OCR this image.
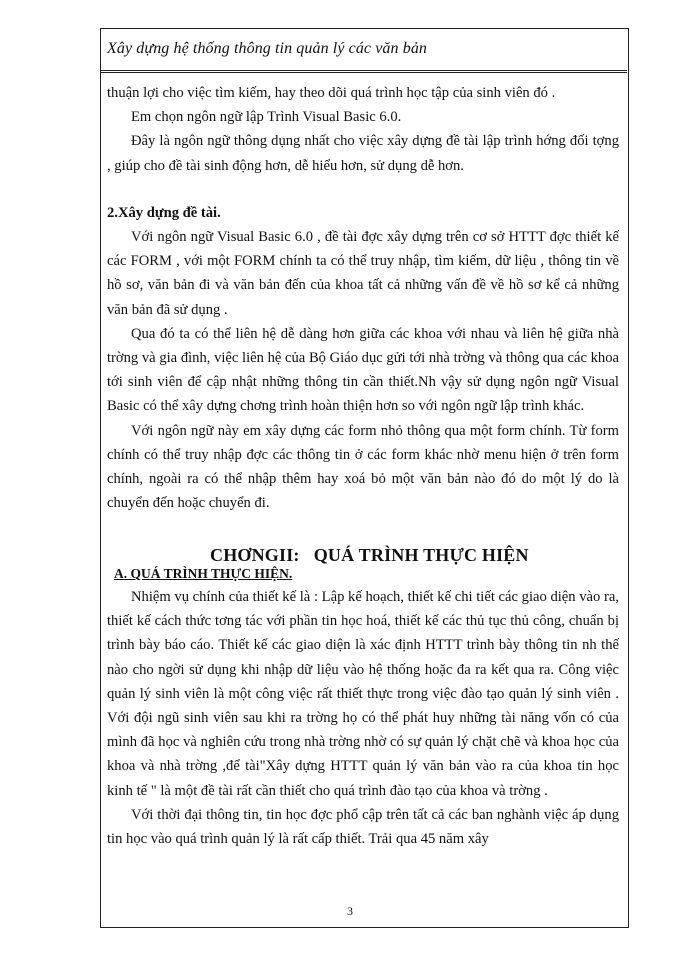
Xây dựng hệ thống thông tin quản lý các văn bản

thuận lợi cho việc tìm kiếm, hay theo dõi quá trình học tập của sinh viên đó .

Em chọn ngôn ngữ lập Trình Visual Basic 6.0.

Đây là ngôn ngữ thông dụng nhất cho việc xây dựng đề tài lập trình hớng đối tợng , giúp cho đề tài sinh động hơn, dễ hiểu hơn, sử dụng dễ hơn.

2.Xây dựng đề tài.

Với ngôn ngữ Visual Basic 6.0 , đề tài đợc xây dựng trên cơ sở HTTT đợc thiết kế các FORM , với một FORM chính ta có thể truy nhập, tìm kiếm, dữ liệu , thông tin về hồ sơ, văn bản đi và văn bản đến của khoa tất cả những vấn đề về hồ sơ kể cả những văn bản đã sử dụng .

Qua đó ta có thể liên hệ dễ dàng hơn giữa các khoa với nhau và liên hệ giữa nhà trờng và gia đình, việc liên hệ của Bộ Giáo dục gửi tới nhà trờng và thông qua các khoa tới sinh viên để cập nhật những thông tin cần thiết.Nh vậy sử dụng ngôn ngữ Visual Basic có thể xây dựng chơng trình hoàn thiện hơn so với ngôn ngữ lập trình khác.

Với ngôn ngữ này em xây dựng các form nhỏ thông qua một form chính. Từ form chính có thể truy nhập đợc các thông tin ở các form khác nhờ menu hiện ở trên form chính, ngoài ra có thể nhập thêm hay xoá bỏ một văn bản nào đó do một lý do là chuyển đến hoặc chuyển đi.

CHƠNGII:   QUÁ TRÌNH THỰC HIỆN
A. QUÁ TRÌNH THỰC HIỆN.

Nhiệm vụ chính của thiết kế là : Lập kế hoạch, thiết kế chi tiết các giao diện vào ra, thiết kế cách thức tơng tác với phần tin học hoá, thiết kế các thủ tục thủ công, chuẩn bị trình bày báo cáo. Thiết kế các giao diện là xác định HTTT trình bày thông tin nh thế nào cho ngời sử dụng khi nhập dữ liệu vào hệ thống hoặc đa ra kết qua ra. Công việc quản lý sinh viên là một công việc rất thiết thực trong việc đào tạo quản lý sinh viên . Với đội ngũ sinh viên sau khi ra trờng họ có thể phát huy những tài năng vốn có của mình đã học và nghiên cứu trong nhà trờng nhờ có sự quản lý chặt chẽ và khoa học của khoa và nhà trờng ,để tài"Xây dựng HTTT quản lý văn bản vào ra của khoa tin học kinh tế " là một đề tài rất cần thiết cho quá trình đào tạo của khoa và trờng .

Với thời đại thông tin, tin học đợc phổ cập trên tất cả các ban nghành việc áp dụng tin học vào quá trình quản lý là rất cấp thiết. Trải qua 45 năm xây

3
